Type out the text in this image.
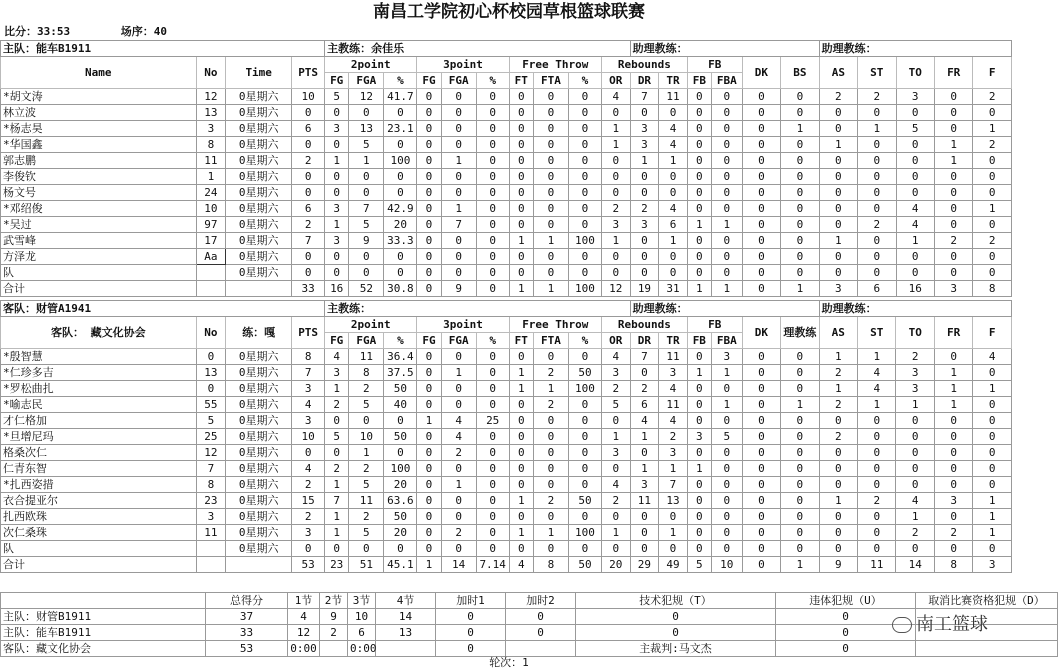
南昌工学院初心杯校园草根篮球联赛
比分：33:53	场序：40
主队：能车B1911				主教练：余佳乐										助理教练：						助理教练：				
Name	No	Time	PTS	2point			3point			Free Throw			Rebounds			FB		DK	BS	AS	ST	TO	FR	F
				FG	FGA	%	FG	FGA	%	FT	FTA	%	OR	DR	TR	FB	FBA							
*胡文涛	12	0星期六	10	5	12	41.7	0	0	0	0	0	0	4	7	11	0	0	0	0	2	2	3	0	2
林立波	13	0星期六	0	0	0	0	0	0	0	0	0	0	0	0	0	0	0	0	0	0	0	0	0	0
*杨志昊	3	0星期六	6	3	13	23.1	0	0	0	0	0	0	1	3	4	0	0	0	1	0	1	5	0	1
*华国鑫	8	0星期六	0	0	5	0	0	0	0	0	0	0	1	3	4	0	0	0	0	1	0	0	1	2
郭志鹏	11	0星期六	2	1	1	100	0	1	0	0	0	0	0	1	1	0	0	0	0	0	0	0	1	0
李俊钦	1	0星期六	0	0	0	0	0	0	0	0	0	0	0	0	0	0	0	0	0	0	0	0	0	0
杨文号	24	0星期六	0	0	0	0	0	0	0	0	0	0	0	0	0	0	0	0	0	0	0	0	0	0
*邓绍俊	10	0星期六	6	3	7	42.9	0	1	0	0	0	0	2	2	4	0	0	0	0	0	0	4	0	1
*吴过	97	0星期六	2	1	5	20	0	7	0	0	0	0	3	3	6	1	1	0	0	0	2	4	0	0
武雪峰	17	0星期六	7	3	9	33.3	0	0	0	1	1	100	1	0	1	0	0	0	0	1	0	1	2	2
方泽龙	Aa	0星期六	0	0	0	0	0	0	0	0	0	0	0	0	0	0	0	0	0	0	0	0	0	0
队		0星期六	0	0	0	0	0	0	0	0	0	0	0	0	0	0	0	0	0	0	0	0	0	0
合计			33	16	52	30.8	0	9	0	1	1	100	12	19	31	1	1	0	1	3	6	16	3	8
客队：财管A1941				主教练：										助理教练：						助理教练：				
客队： 藏文化协会	No	练：嘎	PTS	2point			3point			Free Throw			Rebounds			FB		DK	理教练	AS	ST	TO	FR	F
				FG	FGA	%	FG	FGA	%	FT	FTA	%	OR	DR	TR	FB	FBA							
*殷智慧	0	0星期六	8	4	11	36.4	0	0	0	0	0	0	4	7	11	0	3	0	0	1	1	2	0	4
*仁珍多吉	13	0星期六	7	3	8	37.5	0	1	0	1	2	50	3	0	3	1	1	0	0	2	4	3	1	0
*罗松曲扎	0	0星期六	3	1	2	50	0	0	0	1	1	100	2	2	4	0	0	0	0	1	4	3	1	1
*喻志民	55	0星期六	4	2	5	40	0	0	0	0	2	0	5	6	11	0	1	0	1	2	1	1	1	0
才仁格加	5	0星期六	3	0	0	0	1	4	25	0	0	0	0	4	4	0	0	0	0	0	0	0	0	0
*旦增尼玛	25	0星期六	10	5	10	50	0	4	0	0	0	0	1	1	2	3	5	0	0	2	0	0	0	0
格桑次仁	12	0星期六	0	0	1	0	0	2	0	0	0	0	3	0	3	0	0	0	0	0	0	0	0	0
仁青东智	7	0星期六	4	2	2	100	0	0	0	0	0	0	0	1	1	1	0	0	0	0	0	0	0	0
*扎西姿措	8	0星期六	2	1	5	20	0	1	0	0	0	0	4	3	7	0	0	0	0	0	0	0	0	0
衣合提亚尔	23	0星期六	15	7	11	63.6	0	0	0	1	2	50	2	11	13	0	0	0	0	1	2	4	3	1
扎西欧珠	3	0星期六	2	1	2	50	0	0	0	0	0	0	0	0	0	0	0	0	0	0	0	1	0	1
次仁桑珠	11	0星期六	3	1	5	20	0	2	0	1	1	100	1	0	1	0	0	0	0	0	0	2	2	1
队		0星期六	0	0	0	0	0	0	0	0	0	0	0	0	0	0	0	0	0	0	0	0	0	0
合计			53	23	51	45.1	1	14	7.14	4	8	50	20	29	49	5	10	0	1	9	11	14	8	3
	总得分	1节	2节	3节	4节	加时1	加时2	技术犯规（T）	违体犯规（U）	取消比赛资格犯规（D）
主队：财管B1911	37	4	9	10	14	0	0	0	0	
主队：能车B1911	33	12	2	6	13	0	0	0	0	
客队：藏文化协会	53	0:00		0:00		0		主裁判:马文杰	0	
南工篮球
轮次：1
